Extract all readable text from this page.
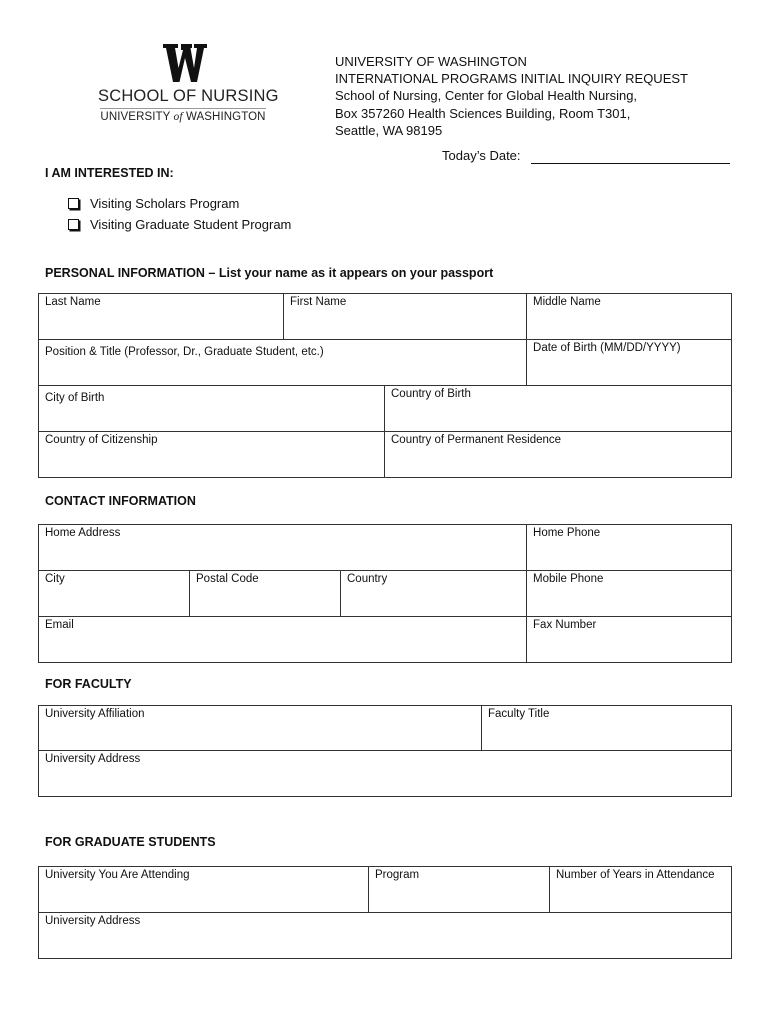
SCHOOL OF NURSING
UNIVERSITY of WASHINGTON
UNIVERSITY OF WASHINGTON
INTERNATIONAL PROGRAMS INITIAL INQUIRY REQUEST
School of Nursing, Center for Global Health Nursing,
Box 357260 Health Sciences Building, Room T301,
Seattle, WA 98195
Today’s Date:
I AM INTERESTED IN:
Visiting Scholars Program
Visiting Graduate Student Program
PERSONAL INFORMATION – List your name as it appears on your passport
Last Name	First Name		Middle Name

Position & Title (Professor, Dr., Graduate Student, etc.)			Date of Birth (MM/DD/YYYY)

City of Birth		Country of Birth	

Country of Citizenship		Country of Permanent Residence	
CONTACT INFORMATION
Home Address			Home Phone

City	Postal Code	Country	Mobile Phone

Email			Fax Number
FOR FACULTY
University Affiliation	Faculty Title

University Address
FOR GRADUATE STUDENTS
University You Are Attending	Program	Number of Years in Attendance

University Address
